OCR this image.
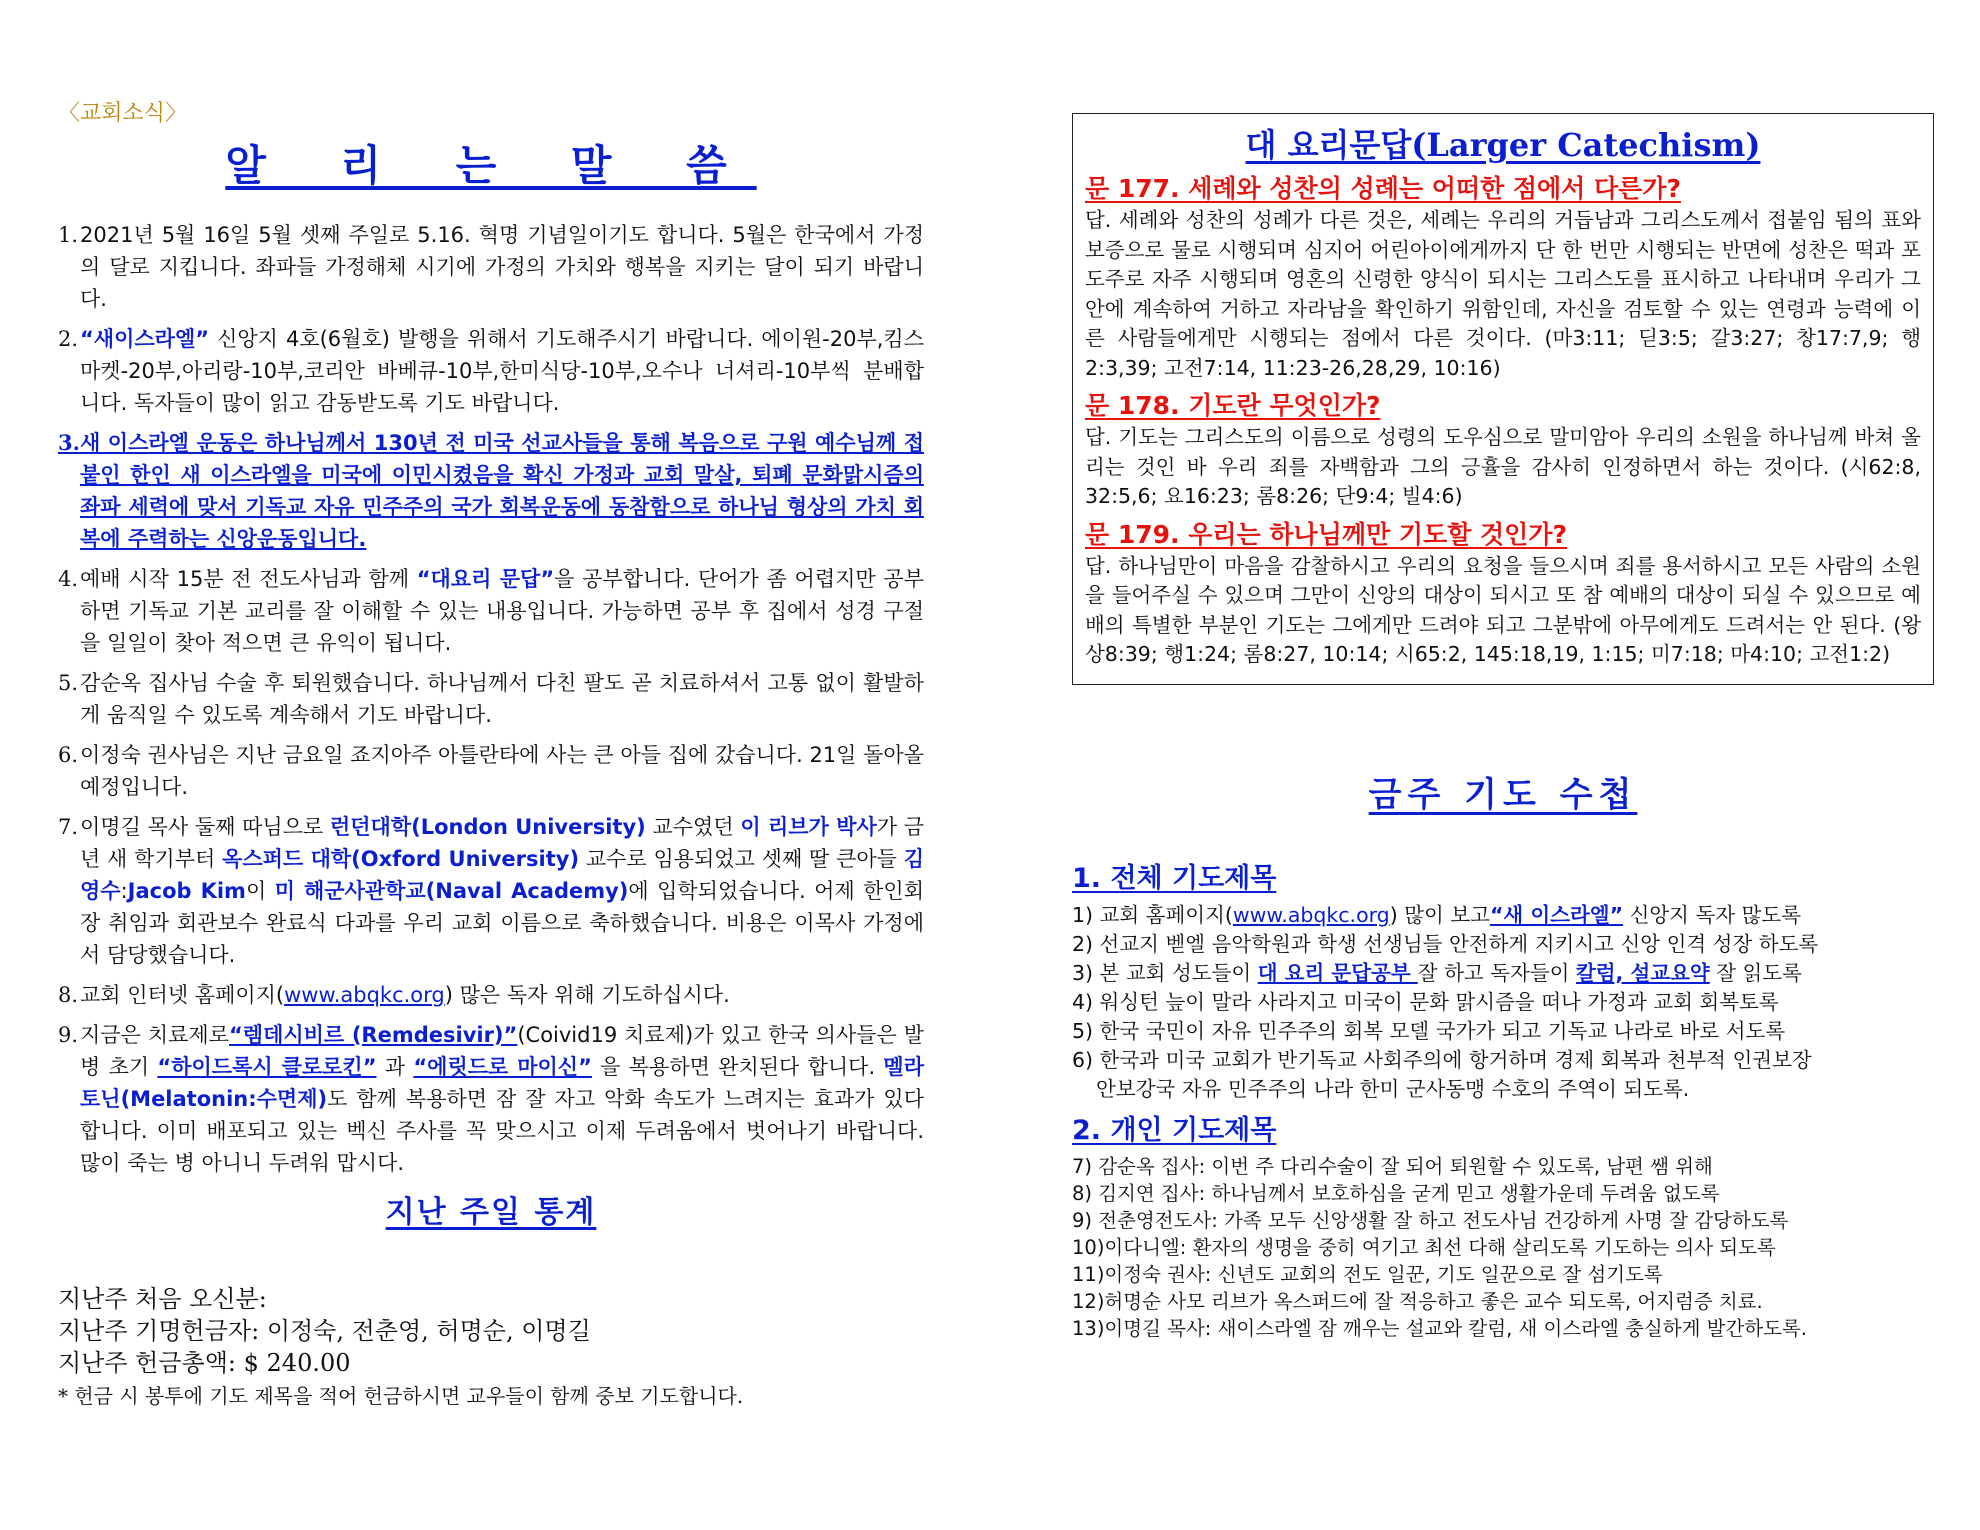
〈교회소식〉
알 리 는 말 씀
1. 2021년 5월 16일 5월 셋째 주일로 5.16. 혁명 기념일이기도 합니다. 5월은 한국에서 가정의 달로 지킵니다. 좌파들 가정해체 시기에 가정의 가치와 행복을 지키는 달이 되기 바랍니다.
2. “새이스라엘” 신앙지 4호(6월호) 발행을 위해서 기도해주시기 바랍니다. 에이원-20부,킴스마켓-20부,아리랑-10부,코리안 바베큐-10부,한미식당-10부,오수나 너셔리-10부씩 분배합니다. 독자들이 많이 읽고 감동받도록 기도 바랍니다.
3. 새 이스라엘 운동은 하나님께서 130년 전 미국 선교사들을 통해 복음으로 구원 예수님께 접붙인 한인 새 이스라엘을 미국에 이민시켰음을 확신 가정과 교회 말살, 퇴폐 문화맑시즘의 좌파 세력에 맞서 기독교 자유 민주주의 국가 회복운동에 동참함으로 하나님 형상의 가치 회복에 주력하는 신앙운동입니다.
4. 예배 시작 15분 전 전도사님과 함께 “대요리 문답”을 공부합니다. 단어가 좀 어렵지만 공부하면 기독교 기본 교리를 잘 이해할 수 있는 내용입니다. 가능하면 공부 후 집에서 성경 구절을 일일이 찾아 적으면 큰 유익이 됩니다.
5. 감순옥 집사님 수술 후 퇴원했습니다. 하나님께서 다친 팔도 곧 치료하셔서 고통 없이 활발하게 움직일 수 있도록 계속해서 기도 바랍니다.
6. 이정숙 권사님은 지난 금요일 죠지아주 아틀란타에 사는 큰 아들 집에 갔습니다. 21일 돌아올 예정입니다.
7. 이명길 목사 둘째 따님으로 런던대학(London University) 교수였던 이 리브가 박사가 금년 새 학기부터 옥스퍼드 대학(Oxford University) 교수로 임용되었고 셋째 딸 큰아들 김영수:Jacob Kim이 미 해군사관학교(Naval Academy)에 입학되었습니다. 어제 한인회장 취임과 회관보수 완료식 다과를 우리 교회 이름으로 축하했습니다. 비용은 이목사 가정에서 담당했습니다.
8. 교회 인터넷 홈페이지(www.abqkc.org) 많은 독자 위해 기도하십시다.
9. 지금은 치료제로“렘데시비르 (Remdesivir)”(Coivid19 치료제)가 있고 한국 의사들은 발병 초기 “하이드록시 클로로킨” 과 “에릿드로 마이신” 을 복용하면 완치된다 합니다. 멜라토닌(Melatonin:수면제)도 함께 복용하면 잠 잘 자고 악화 속도가 느려지는 효과가 있다 합니다. 이미 배포되고 있는 벡신 주사를 꼭 맞으시고 이제 두려움에서 벗어나기 바랍니다. 많이 죽는 병 아니니 두려워 맙시다.
지난 주일 통계
지난주 처음 오신분:
지난주 기명헌금자: 이정숙, 전춘영, 허명순, 이명길
지난주 헌금총액: $ 240.00
* 헌금 시 봉투에 기도 제목을 적어 헌금하시면 교우들이 함께 중보 기도합니다.
대 요리문답(Larger Catechism)
문 177. 세례와 성찬의 성례는 어떠한 점에서 다른가?
답. 세례와 성찬의 성례가 다른 것은, 세례는 우리의 거듭남과 그리스도께서 접붙임 됨의 표와 보증으로 물로 시행되며 심지어 어린아이에게까지 단 한 번만 시행되는 반면에 성찬은 떡과 포도주로 자주 시행되며 영혼의 신령한 양식이 되시는 그리스도를 표시하고 나타내며 우리가 그 안에 계속하여 거하고 자라남을 확인하기 위함인데, 자신을 검토할 수 있는 연령과 능력에 이른 사람들에게만 시행되는 점에서 다른 것이다. (마3:11; 딛3:5; 갈3:27; 창17:7,9; 행2:3,39; 고전7:14, 11:23-26,28,29, 10:16)
문 178. 기도란 무엇인가?
답. 기도는 그리스도의 이름으로 성령의 도우심으로 말미암아 우리의 소원을 하나님께 바쳐 올리는 것인 바 우리 죄를 자백함과 그의 긍휼을 감사히 인정하면서 하는 것이다. (시62:8, 32:5,6; 요16:23; 롬8:26; 단9:4; 빌4:6)
문 179. 우리는 하나님께만 기도할 것인가?
답. 하나님만이 마음을 감찰하시고 우리의 요청을 들으시며 죄를 용서하시고 모든 사람의 소원을 들어주실 수 있으며 그만이 신앙의 대상이 되시고 또 참 예배의 대상이 되실 수 있으므로 예배의 특별한 부분인 기도는 그에게만 드려야 되고 그분밖에 아무에게도 드려서는 안 된다. (왕상8:39; 행1:24; 롬8:27, 10:14; 시65:2, 145:18,19, 1:15; 미7:18; 마4:10; 고전1:2)
금주 기도 수첩
1. 전체 기도제목
1) 교회 홈페이지(www.abqkc.org) 많이 보고“새 이스라엘” 신앙지 독자 많도록
2) 선교지 벧엘 음악학원과 학생 선생님들 안전하게 지키시고 신앙 인격 성장 하도록
3) 본 교회 성도들이 대 요리 문답공부 잘 하고 독자들이 칼럼, 설교요약 잘 읽도록
4) 워싱턴 늪이 말라 사라지고 미국이 문화 맑시즘을 떠나 가정과 교회 회복토록
5) 한국 국민이 자유 민주주의 회복 모델 국가가 되고 기독교 나라로 바로 서도록
6) 한국과 미국 교회가 반기독교 사회주의에 항거하며 경제 회복과 천부적 인권보장
안보강국 자유 민주주의 나라 한미 군사동맹 수호의 주역이 되도록.
2. 개인 기도제목
7) 감순옥 집사: 이번 주 다리수술이 잘 되어 퇴원할 수 있도록, 남편 쌤 위해
8) 김지연 집사: 하나님께서 보호하심을 굳게 믿고 생활가운데 두려움 없도록
9) 전춘영전도사: 가족 모두 신앙생활 잘 하고 전도사님 건강하게 사명 잘 감당하도록
10)이다니엘: 환자의 생명을 중히 여기고 최선 다해 살리도록 기도하는 의사 되도록
11)이정숙 권사: 신년도 교회의 전도 일꾼, 기도 일꾼으로 잘 섬기도록
12)허명순 사모 리브가 옥스퍼드에 잘 적응하고 좋은 교수 되도록, 어지럼증 치료.
13)이명길 목사: 새이스라엘 잠 깨우는 설교와 칼럼, 새 이스라엘 충실하게 발간하도록.
